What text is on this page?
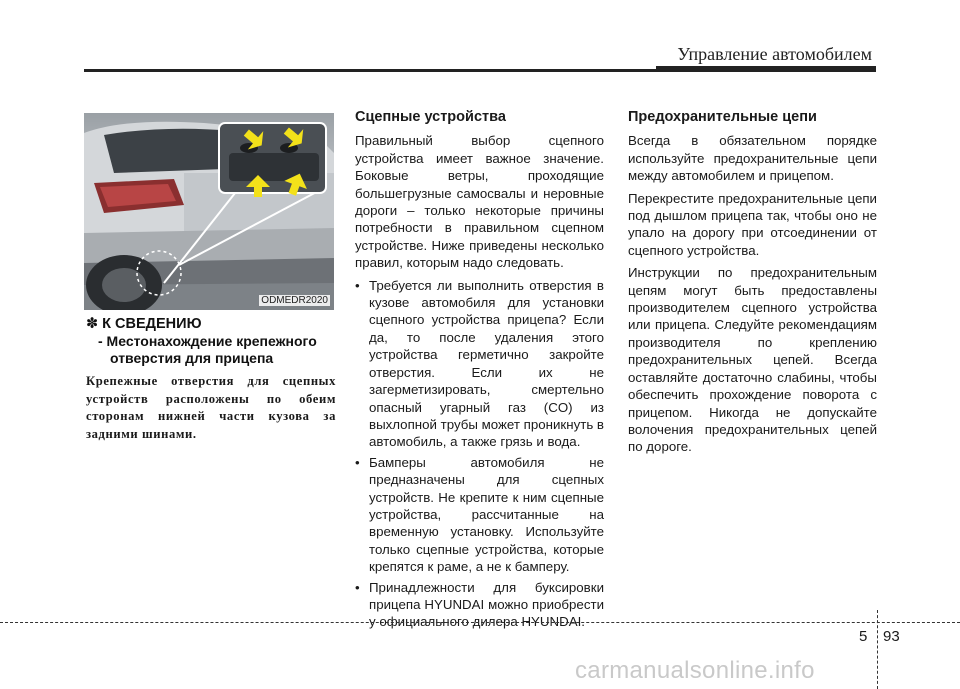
Управление автомобилем
ODMEDR2020
✽ К СВЕДЕНИЮ
- Местонахождение крепежного отверстия для прицепа
Крепежные отверстия для сцепных устройств расположены по обеим сторонам нижней части кузова за задними шинами.
Сцепные устройства

Правильный выбор сцепного устройства имеет важное значение. Боковые ветры, проходящие большегрузные самосвалы и неровные дороги – только некоторые причины потребности в правильном сцепном устройстве. Ниже приведены несколько правил, которым надо следовать.

• Требуется ли выполнить отверстия в кузове автомобиля для установки сцепного устройства прицепа? Если да, то после удаления этого устройства герметично закройте отверстия. Если их не загерметизировать, смертельно опасный угарный газ (CO) из выхлопной трубы может проникнуть в автомобиль, а также грязь и вода.
• Бамперы автомобиля не предназначены для сцепных устройств. Не крепите к ним сцепные устройства, рассчитанные на временную установку. Используйте только сцепные устройства, которые крепятся к раме, а не к бамперу.
• Принадлежности для буксировки прицепа HYUNDAI можно приобрести у официального дилера HYUNDAI.
Предохранительные цепи

Всегда в обязательном порядке используйте предохранительные цепи между автомобилем и прицепом.

Перекрестите предохранительные цепи под дышлом прицепа так, чтобы оно не упало на дорогу при отсоединении от сцепного устройства.

Инструкции по предохранительным цепям могут быть предоставлены производителем сцепного устройства или прицепа. Следуйте рекомендациям производителя по креплению предохранительных цепей. Всегда оставляйте достаточно слабины, чтобы обеспечить прохождение поворота с прицепом. Никогда не допускайте волочения предохранительных цепей по дороге.

5 93
carmanualsonline.info
